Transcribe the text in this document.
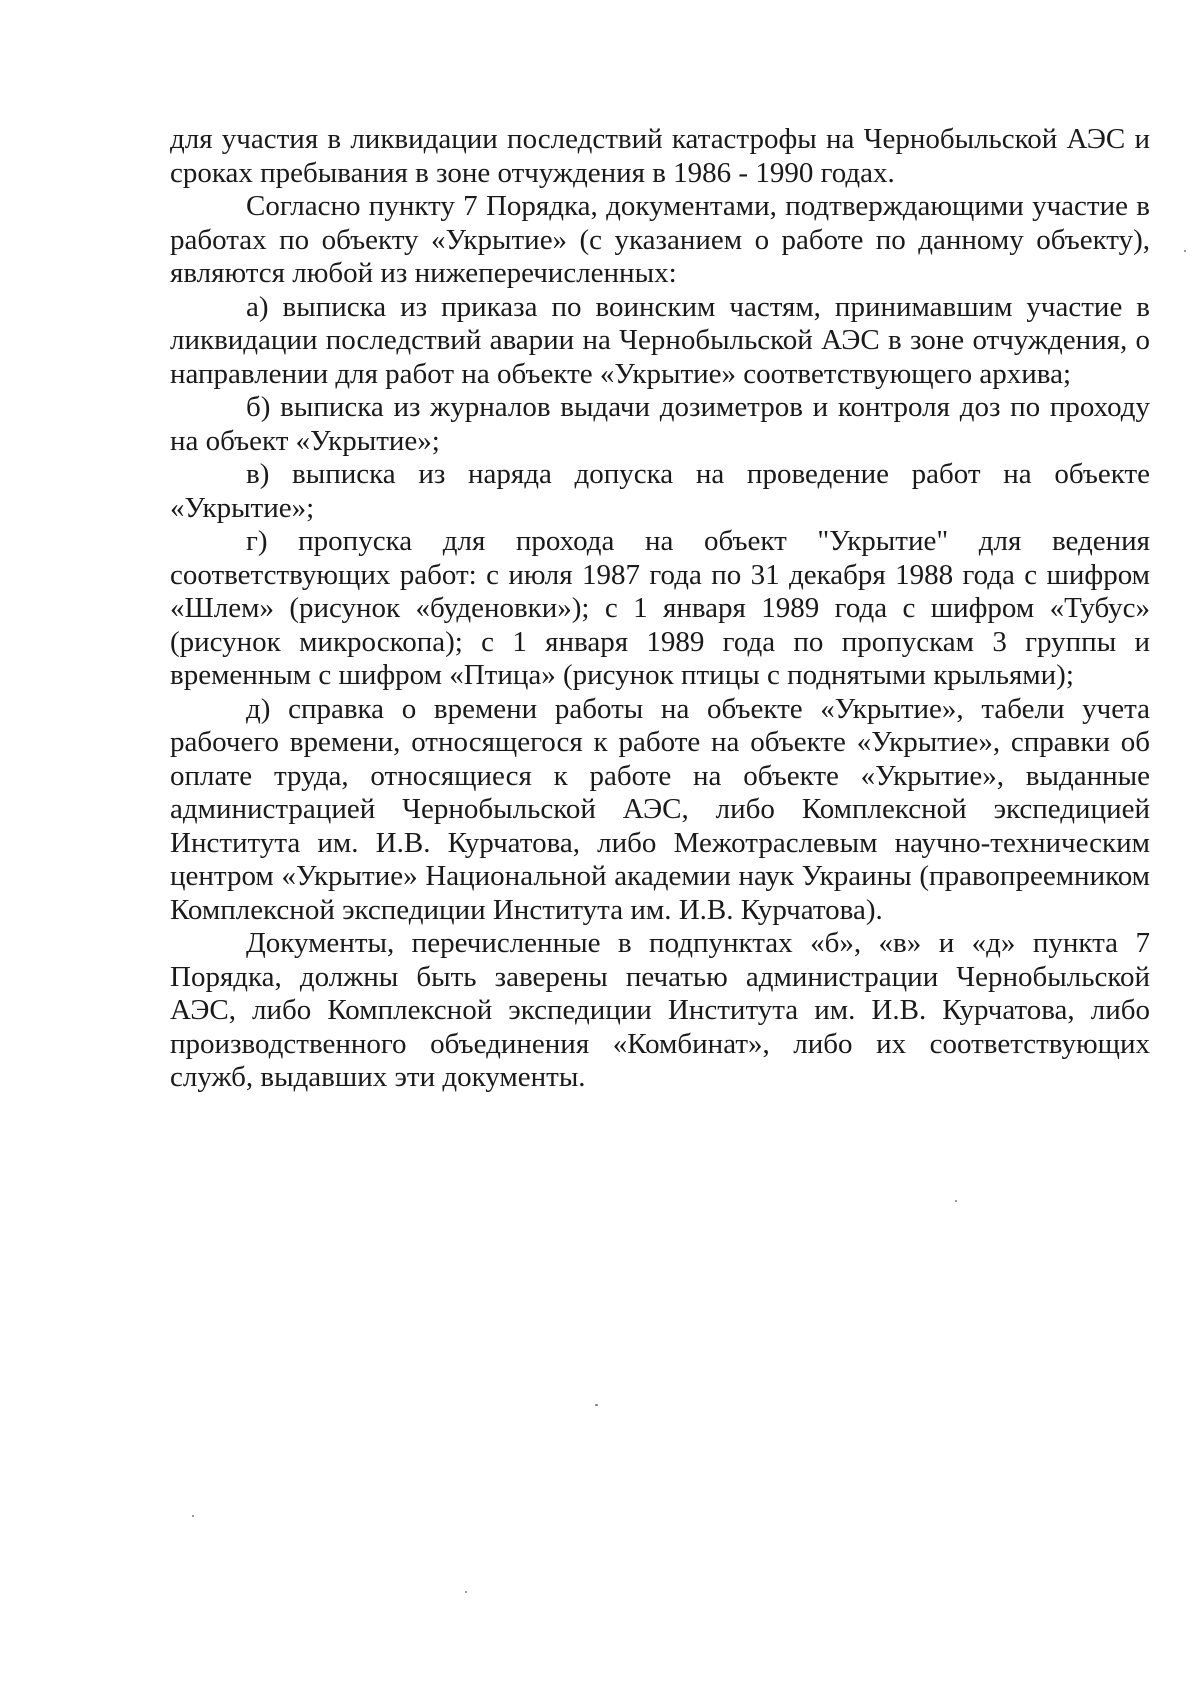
для участия в ликвидации последствий катастрофы на Чернобыльской АЭС и сроках пребывания в зоне отчуждения в 1986 - 1990 годах.

Согласно пункту 7 Порядка, документами, подтверждающими участие в работах по объекту «Укрытие» (с указанием о работе по данному объекту), являются любой из нижеперечисленных:

а) выписка из приказа по воинским частям, принимавшим участие в ликвидации последствий аварии на Чернобыльской АЭС в зоне отчуждения, о направлении для работ на объекте «Укрытие» соответствующего архива;

б) выписка из журналов выдачи дозиметров и контроля доз по проходу на объект «Укрытие»;

в) выписка из наряда допуска на проведение работ на объекте «Укрытие»;

г) пропуска для прохода на объект "Укрытие" для ведения соответствующих работ: с июля 1987 года по 31 декабря 1988 года с шифром «Шлем» (рисунок «буденовки»); с 1 января 1989 года с шифром «Тубус» (рисунок микроскопа); с 1 января 1989 года по пропускам 3 группы и временным с шифром «Птица» (рисунок птицы с поднятыми крыльями);

д) справка о времени работы на объекте «Укрытие», табели учета рабочего времени, относящегося к работе на объекте «Укрытие», справки об оплате труда, относящиеся к работе на объекте «Укрытие», выданные администрацией Чернобыльской АЭС, либо Комплексной экспедицией Института им. И.В. Курчатова, либо Межотраслевым научно-техническим центром «Укрытие» Национальной академии наук Украины (правопреемником Комплексной экспедиции Института им. И.В. Курчатова).

Документы, перечисленные в подпунктах «б», «в» и «д» пункта 7 Порядка, должны быть заверены печатью администрации Чернобыльской АЭС, либо Комплексной экспедиции Института им. И.В. Курчатова, либо производственного объединения «Комбинат», либо их соответствующих служб, выдавших эти документы.
